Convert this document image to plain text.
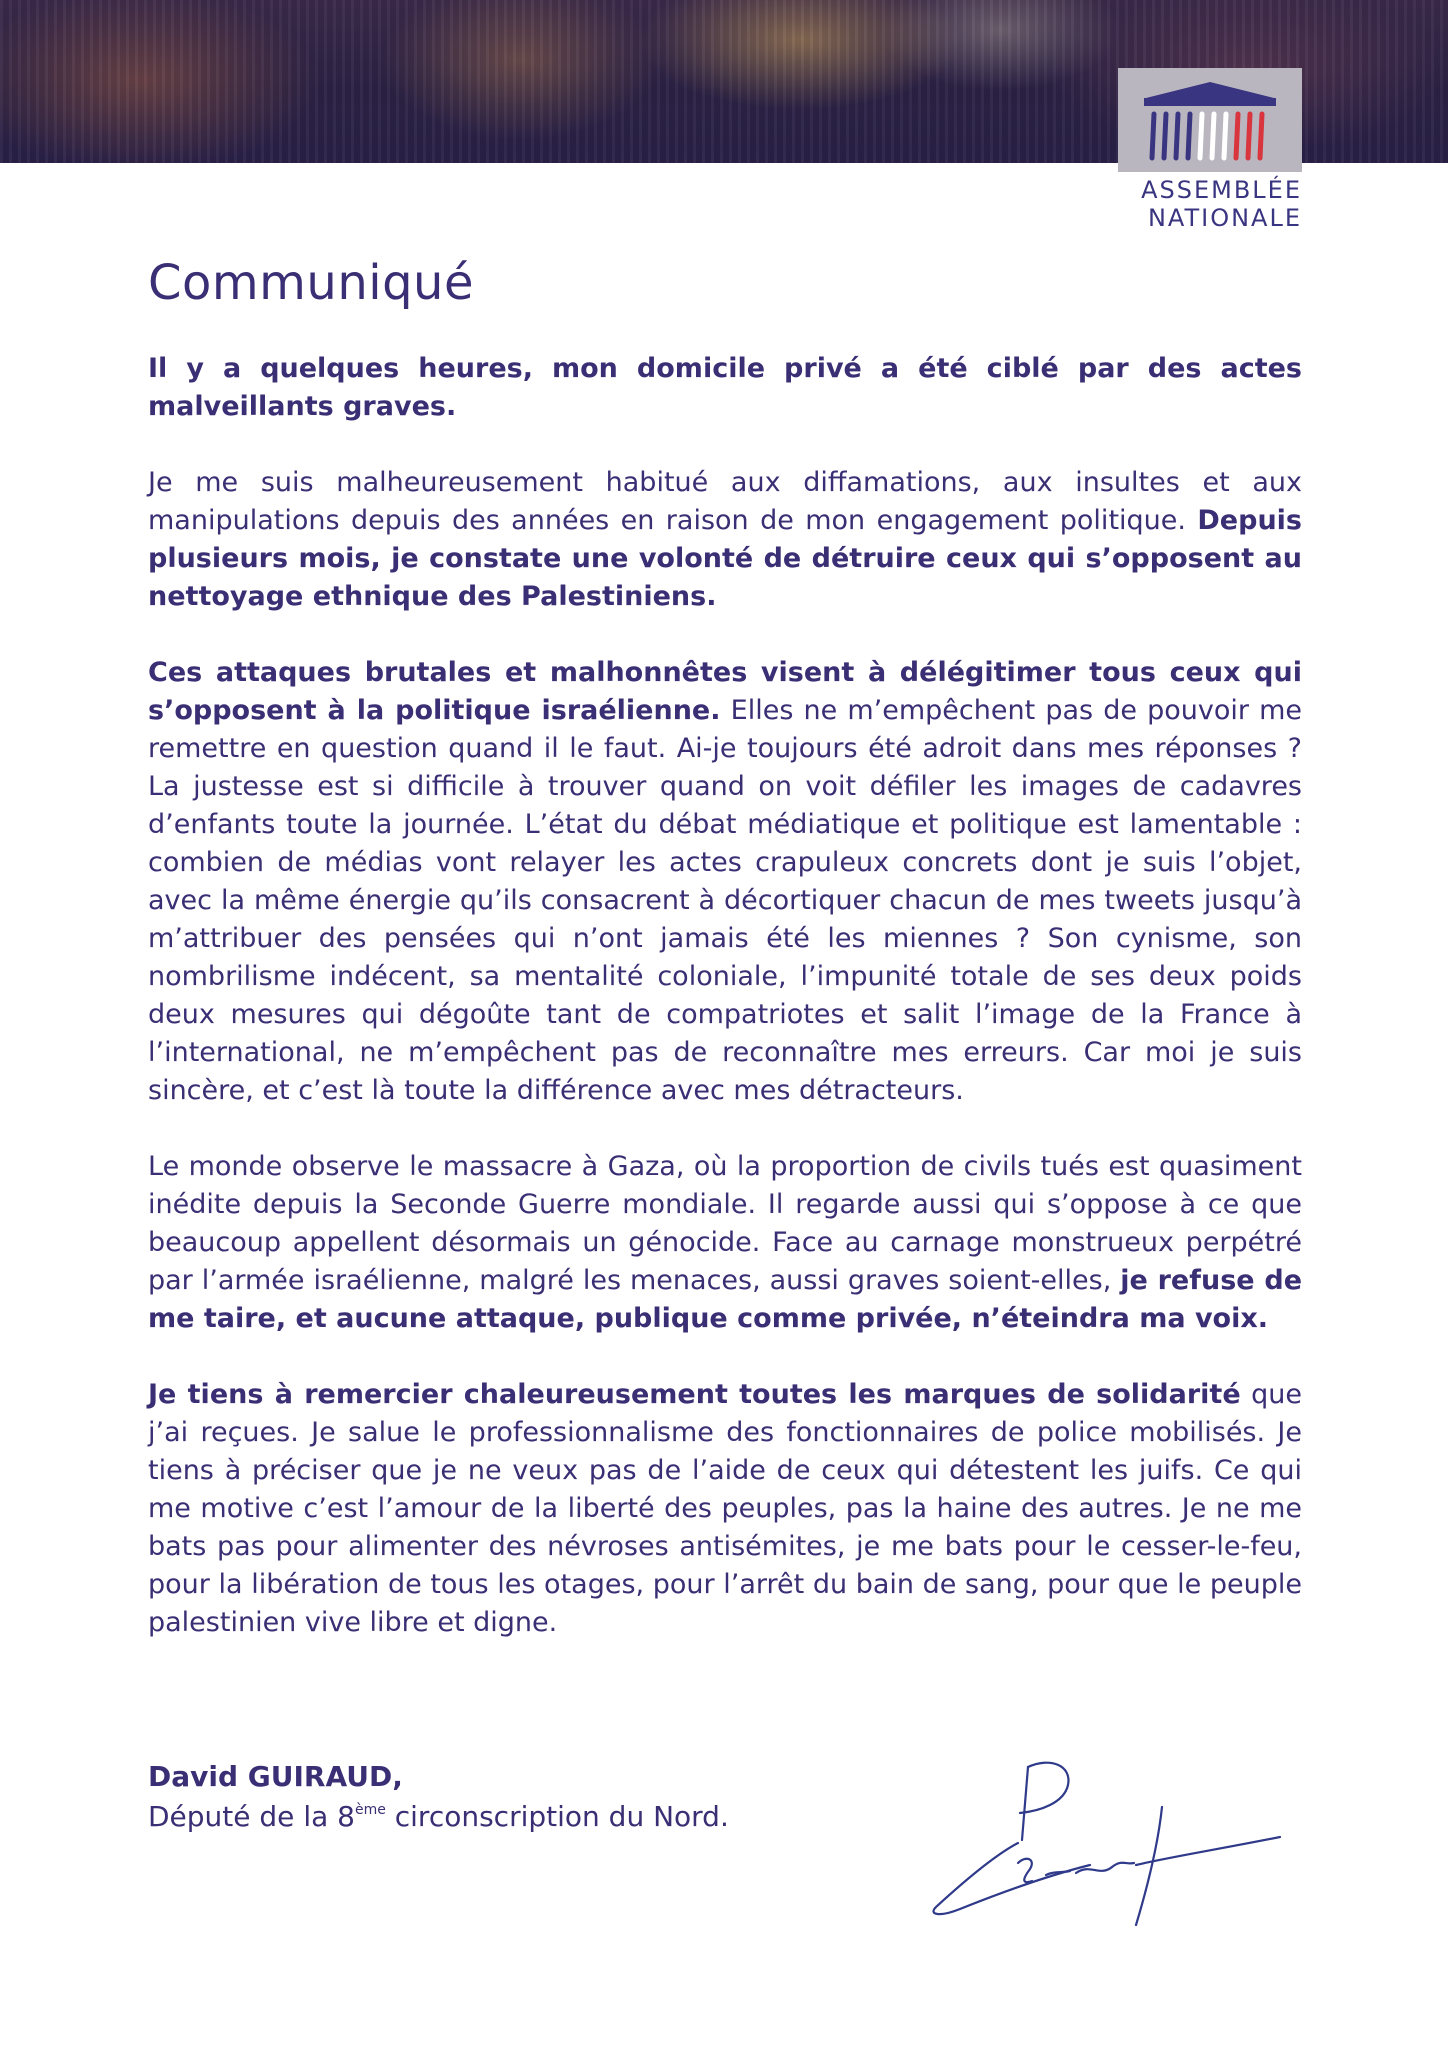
ASSEMBLÉE
NATIONALE
Communiqué

Il y a quelques heures, mon domicile privé a été ciblé par des actes malveillants graves.

Je me suis malheureusement habitué aux diffamations, aux insultes et aux manipulations depuis des années en raison de mon engagement politique. Depuis plusieurs mois, je constate une volonté de détruire ceux qui s’opposent au nettoyage ethnique des Palestiniens.

Ces attaques brutales et malhonnêtes visent à délégitimer tous ceux qui s’opposent à la politique israélienne. Elles ne m’empêchent pas de pouvoir me remettre en question quand il le faut. Ai-je toujours été adroit dans mes réponses ? La justesse est si difficile à trouver quand on voit défiler les images de cadavres d’enfants toute la journée. L’état du débat médiatique et politique est lamentable : combien de médias vont relayer les actes crapuleux concrets dont je suis l’objet, avec la même énergie qu’ils consacrent à décortiquer chacun de mes tweets jusqu’à m’attribuer des pensées qui n’ont jamais été les miennes ? Son cynisme, son nombrilisme indécent, sa mentalité coloniale, l’impunité totale de ses deux poids deux mesures qui dégoûte tant de compatriotes et salit l’image de la France à l’international, ne m’empêchent pas de reconnaître mes erreurs. Car moi je suis sincère, et c’est là toute la différence avec mes détracteurs.

Le monde observe le massacre à Gaza, où la proportion de civils tués est quasiment inédite depuis la Seconde Guerre mondiale. Il regarde aussi qui s’oppose à ce que beaucoup appellent désormais un génocide. Face au carnage monstrueux perpétré par l’armée israélienne, malgré les menaces, aussi graves soient-elles, je refuse de me taire, et aucune attaque, publique comme privée, n’éteindra ma voix.

Je tiens à remercier chaleureusement toutes les marques de solidarité que j’ai reçues. Je salue le professionnalisme des fonctionnaires de police mobilisés. Je tiens à préciser que je ne veux pas de l’aide de ceux qui détestent les juifs. Ce qui me motive c’est l’amour de la liberté des peuples, pas la haine des autres. Je ne me bats pas pour alimenter des névroses antisémites, je me bats pour le cesser-le-feu, pour la libération de tous les otages, pour l’arrêt du bain de sang, pour que le peuple palestinien vive libre et digne.

David GUIRAUD,

Député de la 8ème circonscription du Nord.
